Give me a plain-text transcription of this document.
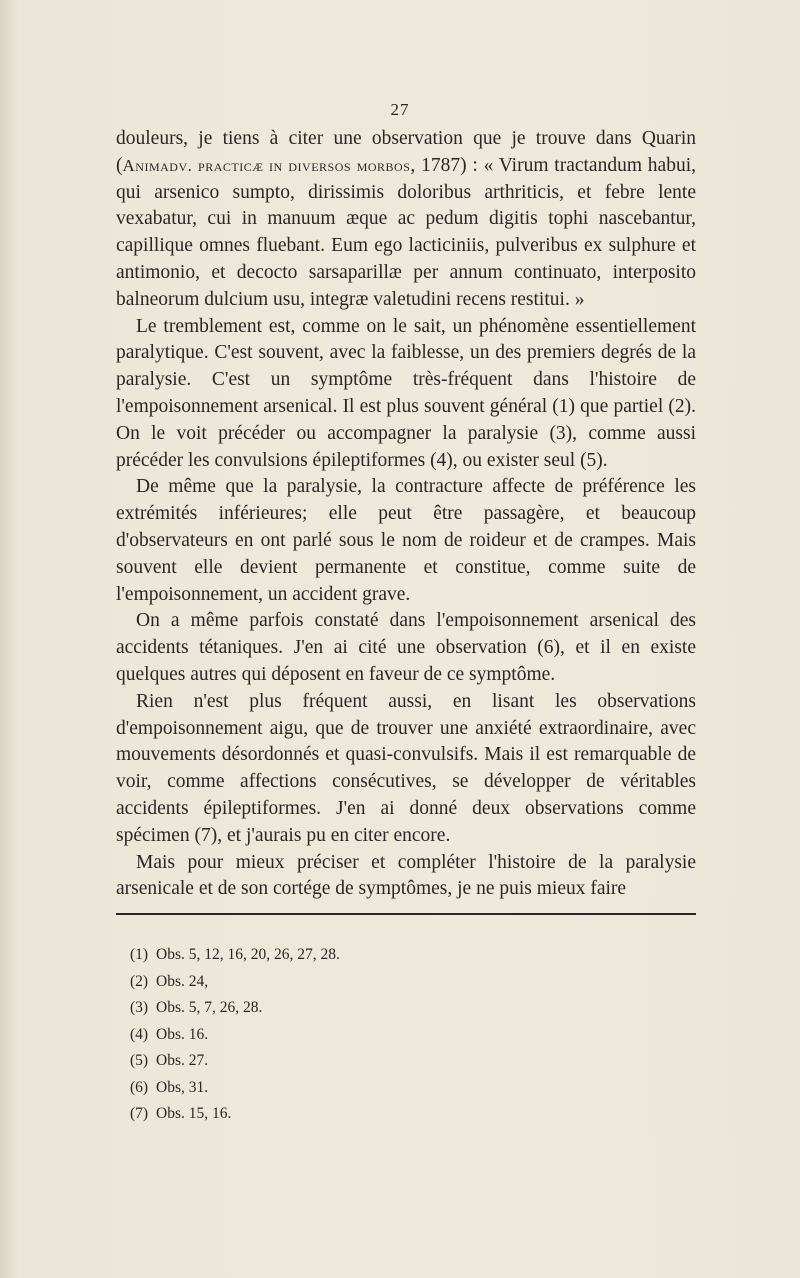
27

douleurs, je tiens à citer une observation que je trouve dans Quarin (Animadv. practicæ in diversos morbos, 1787) : « Virum tractandum habui, qui arsenico sumpto, dirissimis doloribus arthriticis, et febre lente vexabatur, cui in manuum æque ac pedum digitis tophi nascebantur, capillique omnes fluebant. Eum ego lacticiniis, pulveribus ex sulphure et antimonio, et decocto sarsaparillæ per annum continuato, interposito balneorum dulcium usu, integræ valetudini recens restitui. »

Le tremblement est, comme on le sait, un phénomène essentiellement paralytique. C'est souvent, avec la faiblesse, un des premiers degrés de la paralysie. C'est un symptôme très-fréquent dans l'histoire de l'empoisonnement arsenical. Il est plus souvent général (1) que partiel (2). On le voit précéder ou accompagner la paralysie (3), comme aussi précéder les convulsions épileptiformes (4), ou exister seul (5).

De même que la paralysie, la contracture affecte de préférence les extrémités inférieures; elle peut être passagère, et beaucoup d'observateurs en ont parlé sous le nom de roideur et de crampes. Mais souvent elle devient permanente et constitue, comme suite de l'empoisonnement, un accident grave.

On a même parfois constaté dans l'empoisonnement arsenical des accidents tétaniques. J'en ai cité une observation (6), et il en existe quelques autres qui déposent en faveur de ce symptôme.

Rien n'est plus fréquent aussi, en lisant les observations d'empoisonnement aigu, que de trouver une anxiété extraordinaire, avec mouvements désordonnés et quasi-convulsifs. Mais il est remarquable de voir, comme affections consécutives, se développer de véritables accidents épileptiformes. J'en ai donné deux observations comme spécimen (7), et j'aurais pu en citer encore.

Mais pour mieux préciser et compléter l'histoire de la paralysie arsenicale et de son cortége de symptômes, je ne puis mieux faire

(1) Obs. 5, 12, 16, 20, 26, 27, 28.
(2) Obs. 24,
(3) Obs. 5, 7, 26, 28.
(4) Obs. 16.
(5) Obs. 27.
(6) Obs, 31.
(7) Obs. 15, 16.
